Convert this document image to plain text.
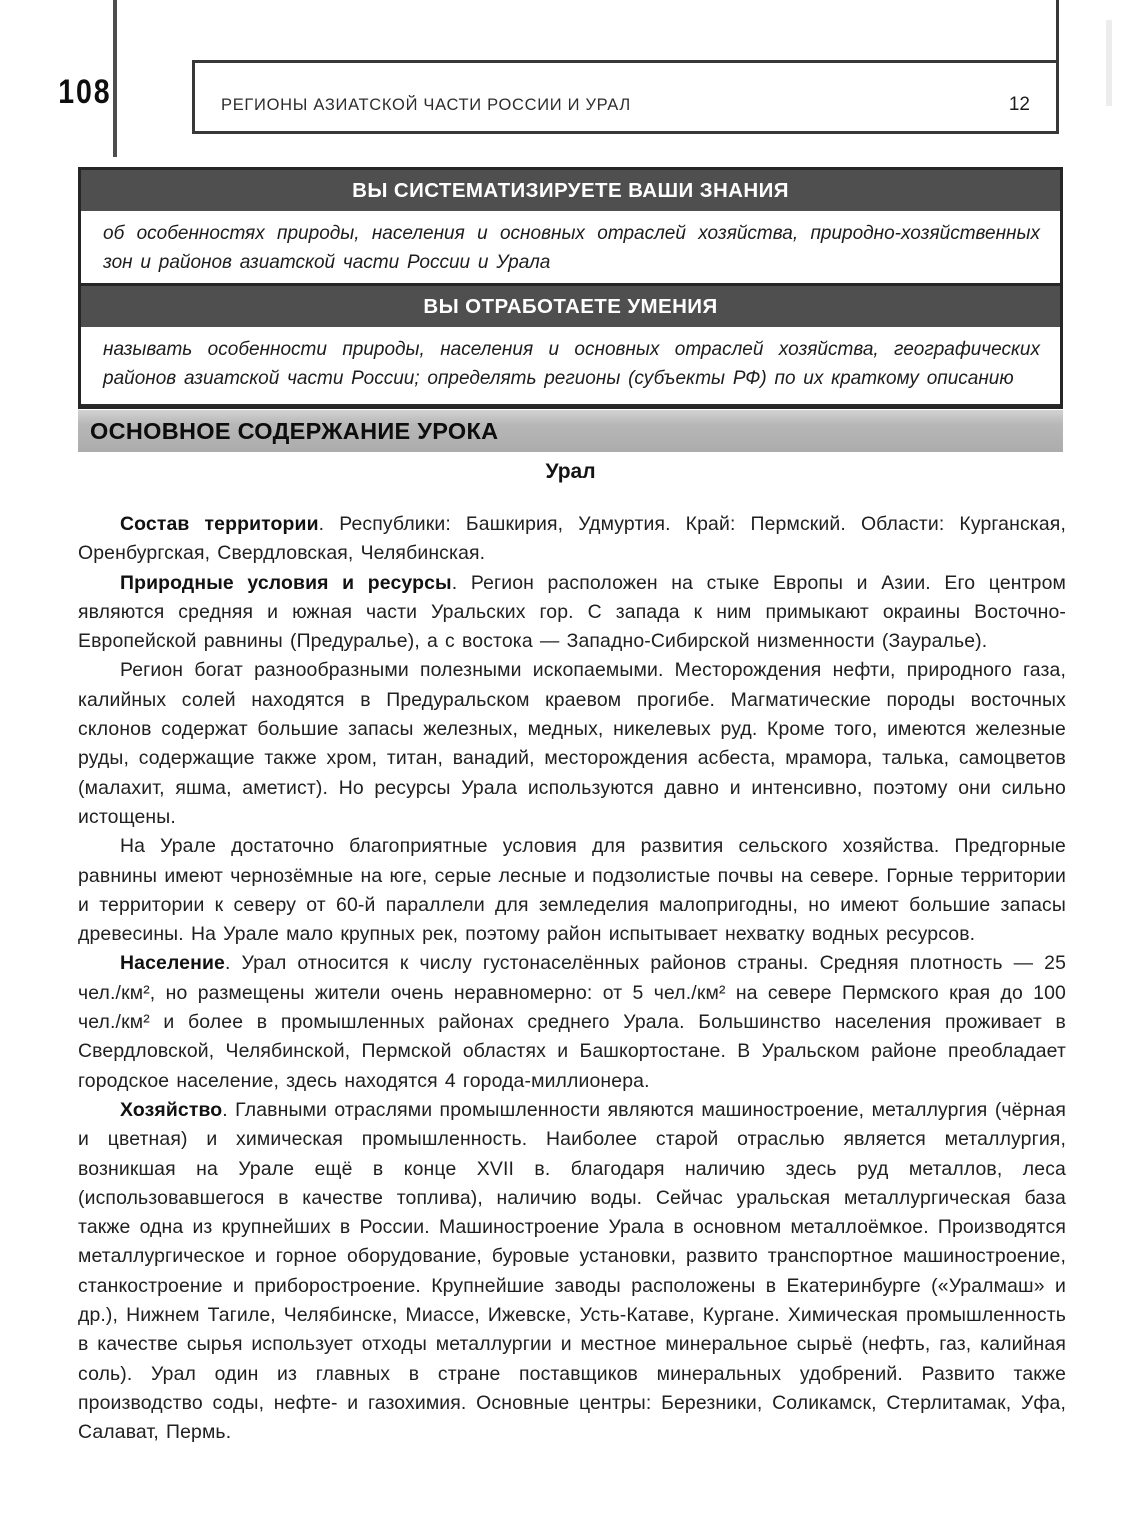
108	РЕГИОНЫ АЗИАТСКОЙ ЧАСТИ РОССИИ И УРАЛ	12
ВЫ СИСТЕМАТИЗИРУЕТЕ ВАШИ ЗНАНИЯ
об особенностях природы, населения и основных отраслей хозяйства, природно-хозяйственных зон и районов азиатской части России и Урала
ВЫ ОТРАБОТАЕТЕ УМЕНИЯ
называть особенности природы, населения и основных отраслей хозяйства, географических районов азиатской части России; определять регионы (субъекты РФ) по их краткому описанию
ОСНОВНОЕ СОДЕРЖАНИЕ УРОКА
Урал

Состав территории. Республики: Башкирия, Удмуртия. Край: Пермский. Области: Курганская, Оренбургская, Свердловская, Челябинская.

Природные условия и ресурсы. Регион расположен на стыке Европы и Азии. Его центром являются средняя и южная части Уральских гор. С запада к ним примыкают окраины Восточно-Европейской равнины (Предуралье), а с востока — Западно-Сибирской низменности (Зауралье).

Регион богат разнообразными полезными ископаемыми. Месторождения нефти, природного газа, калийных солей находятся в Предуральском краевом прогибе. Магматические породы восточных склонов содержат большие запасы железных, медных, никелевых руд. Кроме того, имеются железные руды, содержащие также хром, титан, ванадий, месторождения асбеста, мрамора, талька, самоцветов (малахит, яшма, аметист). Но ресурсы Урала используются давно и интенсивно, поэтому они сильно истощены.

На Урале достаточно благоприятные условия для развития сельского хозяйства. Предгорные равнины имеют чернозёмные на юге, серые лесные и подзолистые почвы на севере. Горные территории и территории к северу от 60-й параллели для земледелия малопригодны, но имеют большие запасы древесины. На Урале мало крупных рек, поэтому район испытывает нехватку водных ресурсов.

Население. Урал относится к числу густонаселённых районов страны. Средняя плотность — 25 чел./км², но размещены жители очень неравномерно: от 5 чел./км² на севере Пермского края до 100 чел./км² и более в промышленных районах среднего Урала. Большинство населения проживает в Свердловской, Челябинской, Пермской областях и Башкортостане. В Уральском районе преобладает городское население, здесь находятся 4 города-миллионера.

Хозяйство. Главными отраслями промышленности являются машиностроение, металлургия (чёрная и цветная) и химическая промышленность. Наиболее старой отраслью является металлургия, возникшая на Урале ещё в конце XVII в. благодаря наличию здесь руд металлов, леса (использовавшегося в качестве топлива), наличию воды. Сейчас уральская металлургическая база также одна из крупнейших в России. Машиностроение Урала в основном металлоёмкое. Производятся металлургическое и горное оборудование, буровые установки, развито транспортное машиностроение, станкостроение и приборостроение. Крупнейшие заводы расположены в Екатеринбурге («Уралмаш» и др.), Нижнем Тагиле, Челябинске, Миассе, Ижевске, Усть-Катаве, Кургане. Химическая промышленность в качестве сырья использует отходы металлургии и местное минеральное сырьё (нефть, газ, калийная соль). Урал один из главных в стране поставщиков минеральных удобрений. Развито также производство соды, нефте- и газохимия. Основные центры: Березники, Соликамск, Стерлитамак, Уфа, Салават, Пермь.
